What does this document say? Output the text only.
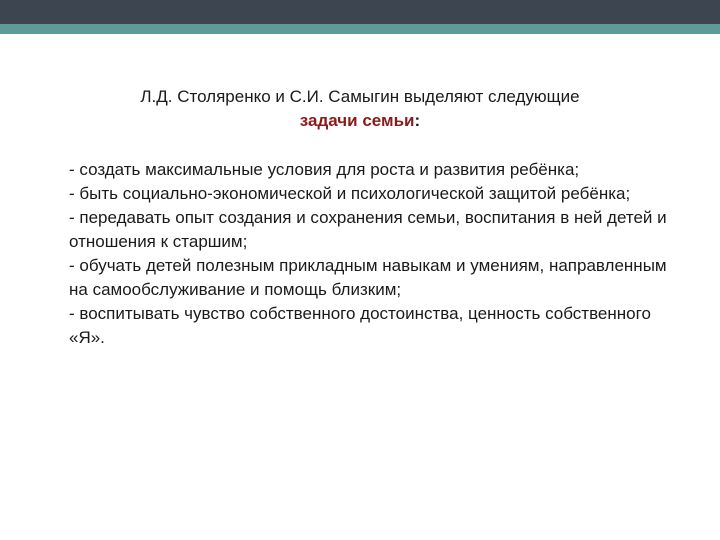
Л.Д. Столяренко и С.И. Самыгин выделяют следующие
задачи семьи:
- создать максимальные условия для роста и развития ребёнка;
- быть социально-экономической и психологической защитой ребёнка;
- передавать опыт создания и сохранения семьи, воспитания в ней детей и отношения к старшим;
- обучать детей полезным прикладным навыкам и умениям, направленным на самообслуживание и помощь близким;
- воспитывать чувство собственного достоинства, ценность собственного «Я».
